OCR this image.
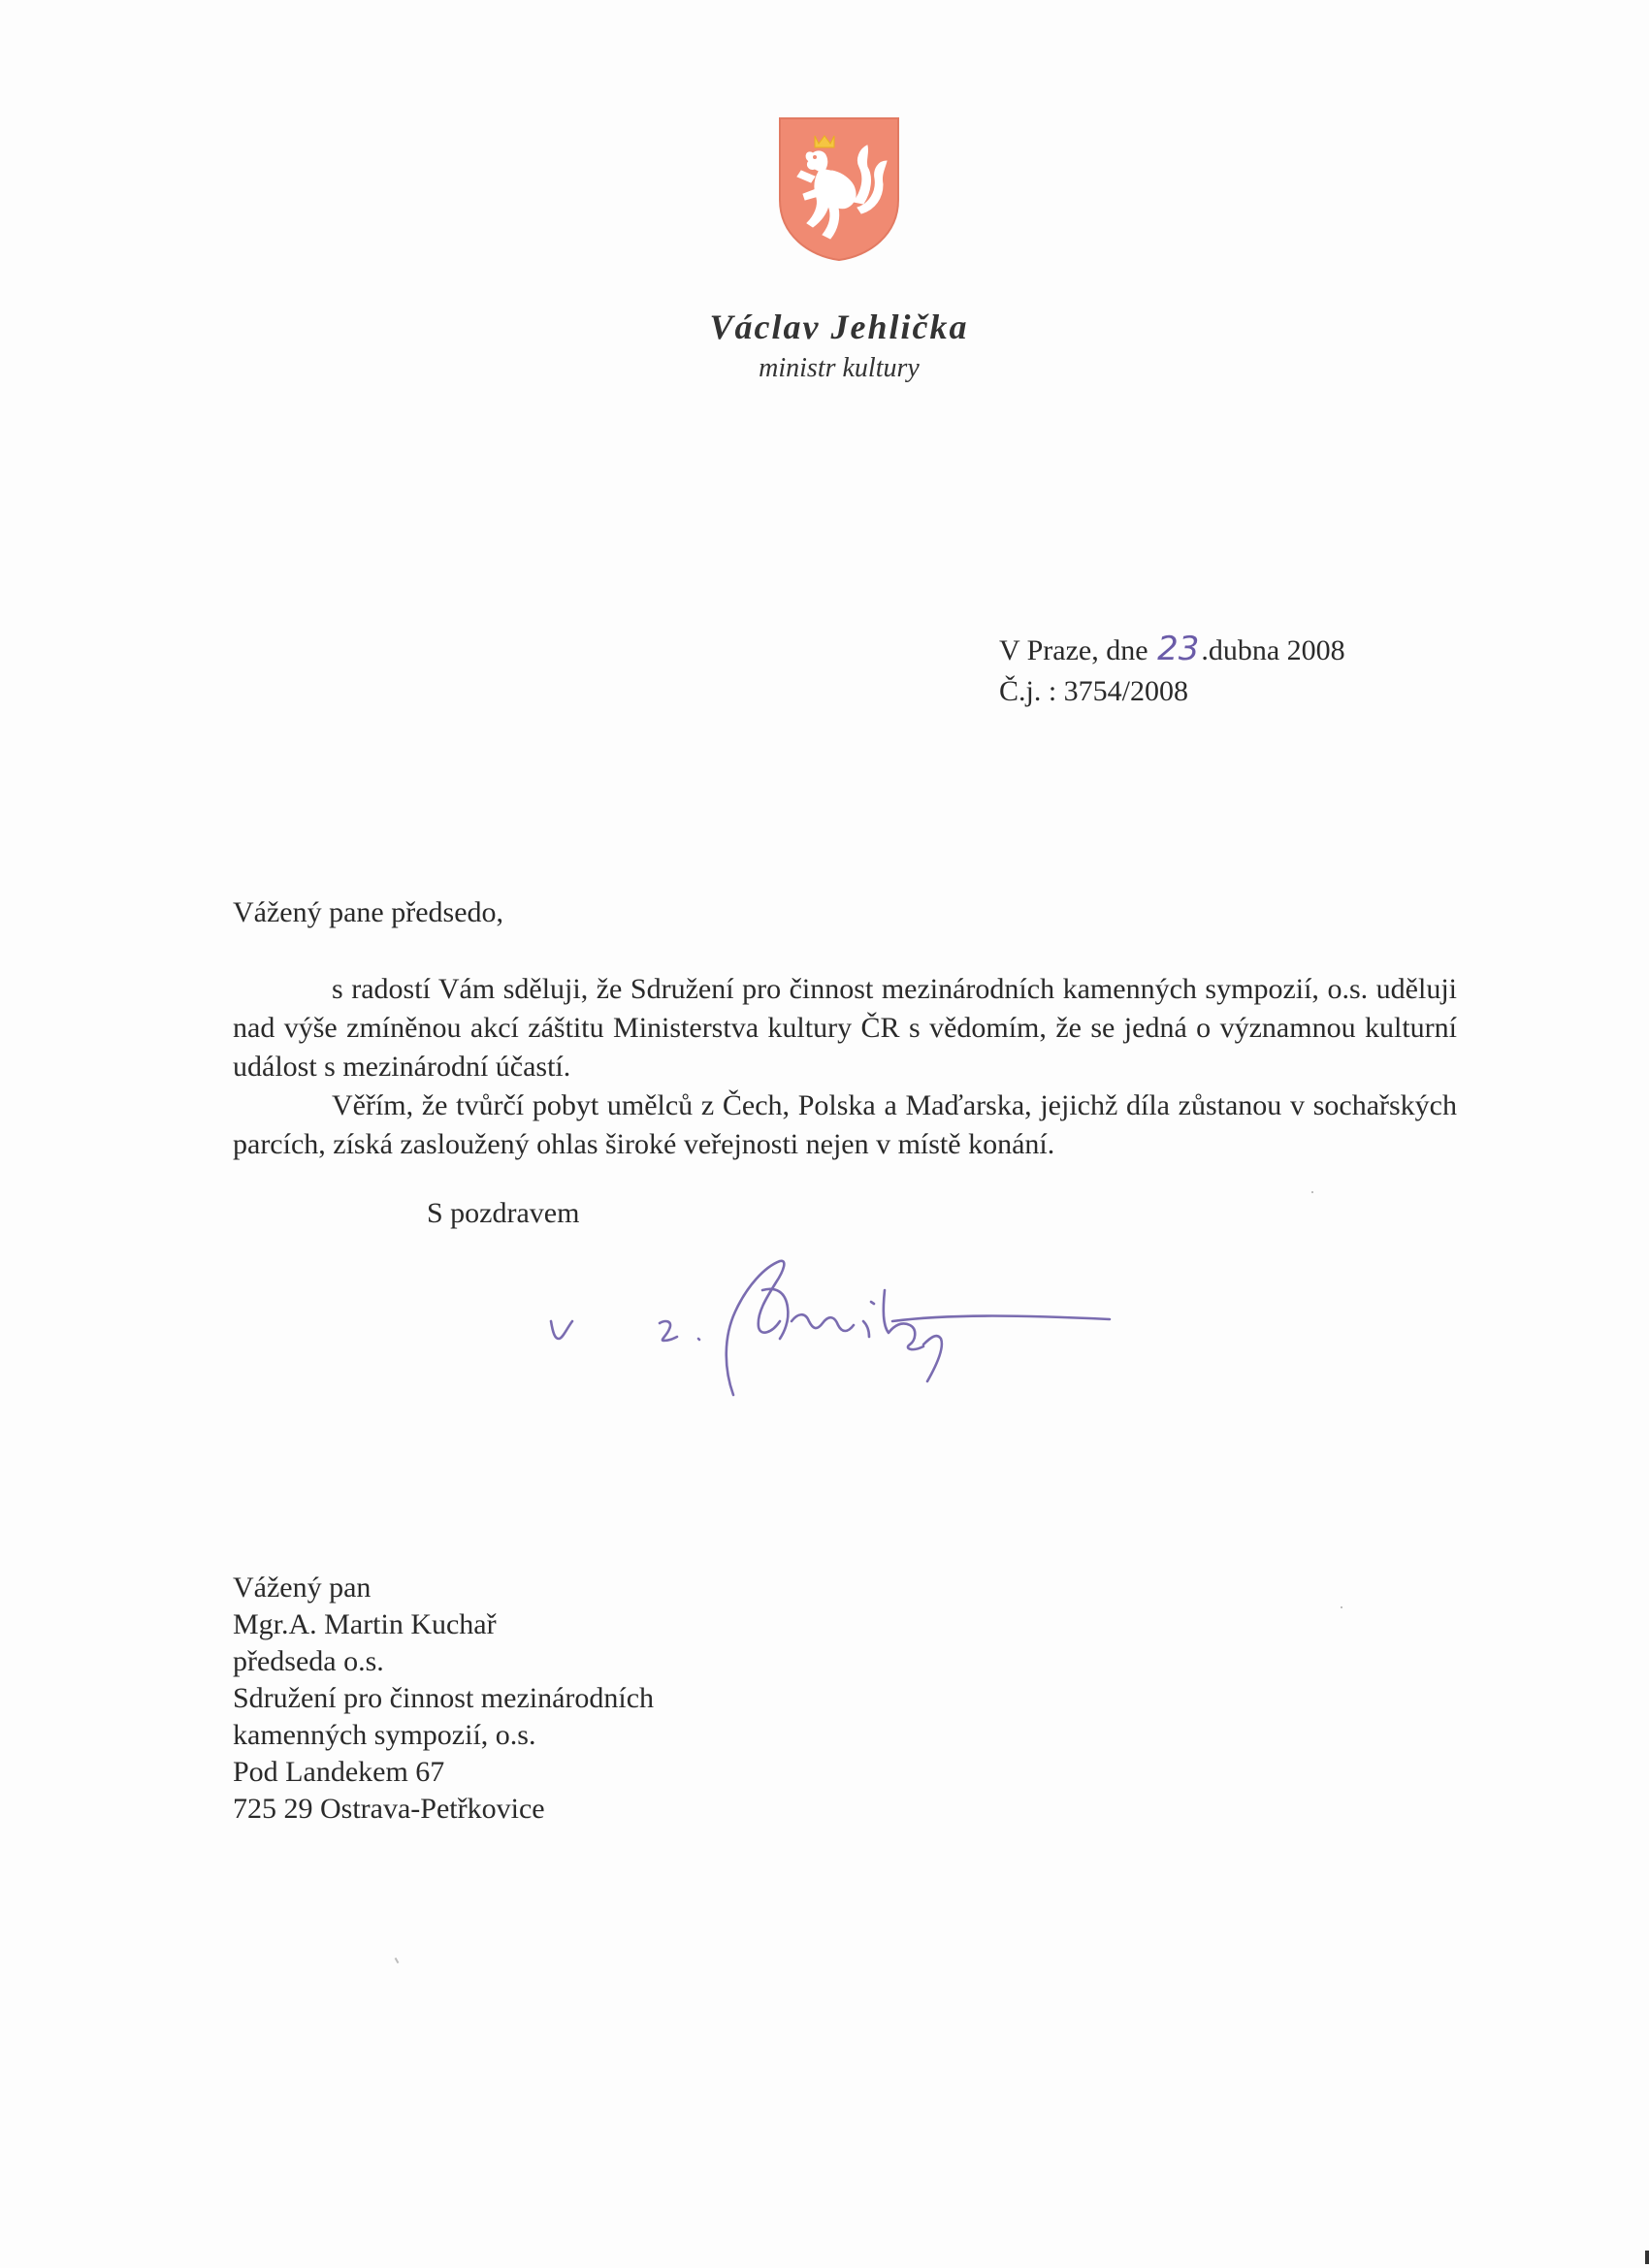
Václav Jehlička
ministr kultury
V Praze, dne 23.dubna 2008
Č.j. : 3754/2008
Vážený pane předsedo,

s radostí Vám sděluji, že Sdružení pro činnost mezinárodních kamenných sympozií, o.s. uděluji nad výše zmíněnou akcí záštitu Ministerstva kultury ČR s vědomím, že se jedná o významnou kulturní událost s mezinárodní účastí.

Věřím, že tvůrčí pobyt umělců z Čech, Polska a Maďarska, jejichž díla zůstanou v sochařských parcích, získá zasloužený ohlas široké veřejnosti nejen v místě konání.

S pozdravem
Vážený pan
Mgr.A. Martin Kuchař
předseda o.s.
Sdružení pro činnost mezinárodních
kamenných sympozií, o.s.
Pod Landekem 67
725 29 Ostrava-Petřkovice
